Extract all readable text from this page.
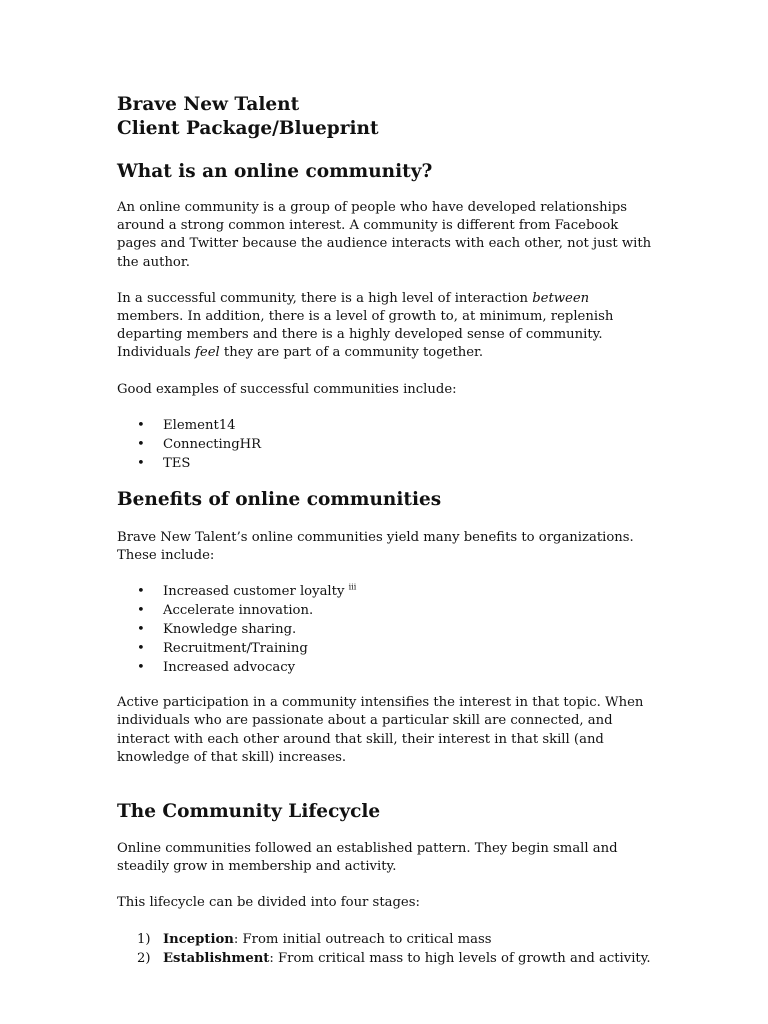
Brave New Talent
Client Package/Blueprint
What is an online community?

An online community is a group of people who have developed relationships around a strong common interest. A community is different from Facebook pages and Twitter because the audience interacts with each other, not just with the author.

In a successful community, there is a high level of interaction between members. In addition, there is a level of growth to, at minimum, replenish departing members and there is a highly developed sense of community. Individuals feel they are part of a community together.

Good examples of successful communities include:

• Element14
• ConnectingHR
• TES
Benefits of online communities

Brave New Talent’s online communities yield many benefits to organizations. These include:

• Increased customer loyalty $^{iii}$
• Accelerate innovation.
• Knowledge sharing.
• Recruitment/Training
• Increased advocacy

Active participation in a community intensifies the interest in that topic. When individuals who are passionate about a particular skill are connected, and interact with each other around that skill, their interest in that skill (and knowledge of that skill) increases.

The Community Lifecycle

Online communities followed an established pattern. They begin small and steadily grow in membership and activity.

This lifecycle can be divided into four stages:

1) Inception: From initial outreach to critical mass
2) Establishment: From critical mass to high levels of growth and activity.
